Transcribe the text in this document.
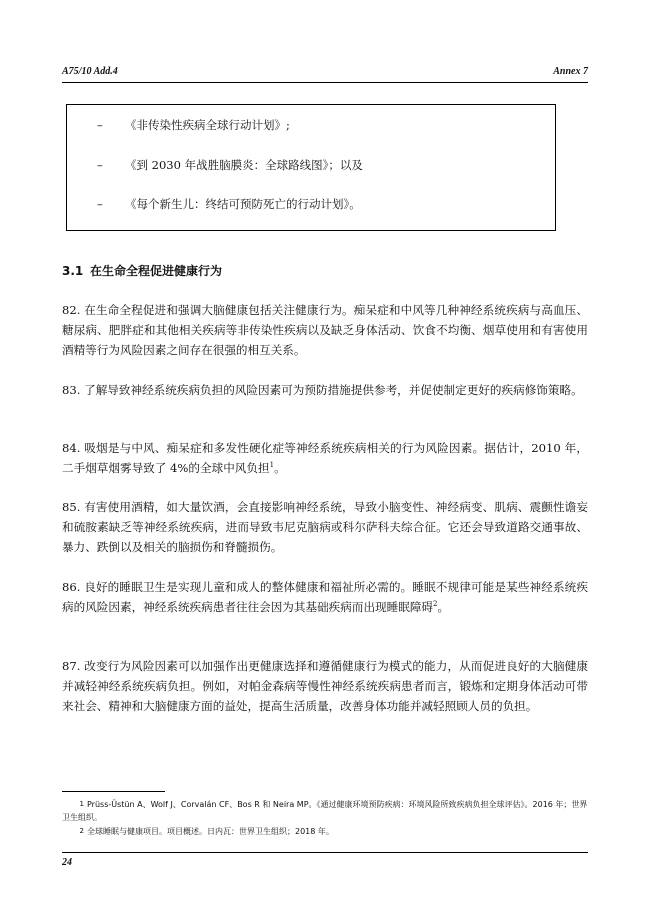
A75/10 Add.4	Annex 7
–	《非传染性疾病全球行动计划》;
–	《到 2030 年战胜脑膜炎：全球路线图》；以及
–	《每个新生儿：终结可预防死亡的行动计划》。
3.1 在生命全程促进健康行为

82. 在生命全程促进和强调大脑健康包括关注健康行为。痴呆症和中风等几种神经系统疾病与高血压、糖尿病、肥胖症和其他相关疾病等非传染性疾病以及缺乏身体活动、饮食不均衡、烟草使用和有害使用酒精等行为风险因素之间存在很强的相互关系。

83. 了解导致神经系统疾病负担的风险因素可为预防措施提供参考，并促使制定更好的疾病修饰策略。

84. 吸烟是与中风、痴呆症和多发性硬化症等神经系统疾病相关的行为风险因素。据估计，2010 年，二手烟草烟雾导致了 4%的全球中风负担$^1$。

85. 有害使用酒精，如大量饮酒，会直接影响神经系统，导致小脑变性、神经病变、肌病、震颤性谵妄和硫胺素缺乏等神经系统疾病，进而导致韦尼克脑病或科尔萨科夫综合征。它还会导致道路交通事故、暴力、跌倒以及相关的脑损伤和脊髓损伤。

86. 良好的睡眠卫生是实现儿童和成人的整体健康和福祉所必需的。睡眠不规律可能是某些神经系统疾病的风险因素，神经系统疾病患者往往会因为其基础疾病而出现睡眠障碍$^2$。

87. 改变行为风险因素可以加强作出更健康选择和遵循健康行为模式的能力，从而促进良好的大脑健康并减轻神经系统疾病负担。例如，对帕金森病等慢性神经系统疾病患者而言，锻炼和定期身体活动可带来社会、精神和大脑健康方面的益处，提高生活质量，改善身体功能并减轻照顾人员的负担。

1 Prüss-Üstün A、Wolf J、Corvalán CF、Bos R 和 Neira MP。《通过健康环境预防疾病：环境风险所致疾病负担全球评估》。2016 年；世界卫生组织。
2 全球睡眠与健康项目。项目概述。日内瓦：世界卫生组织；2018 年。
24
